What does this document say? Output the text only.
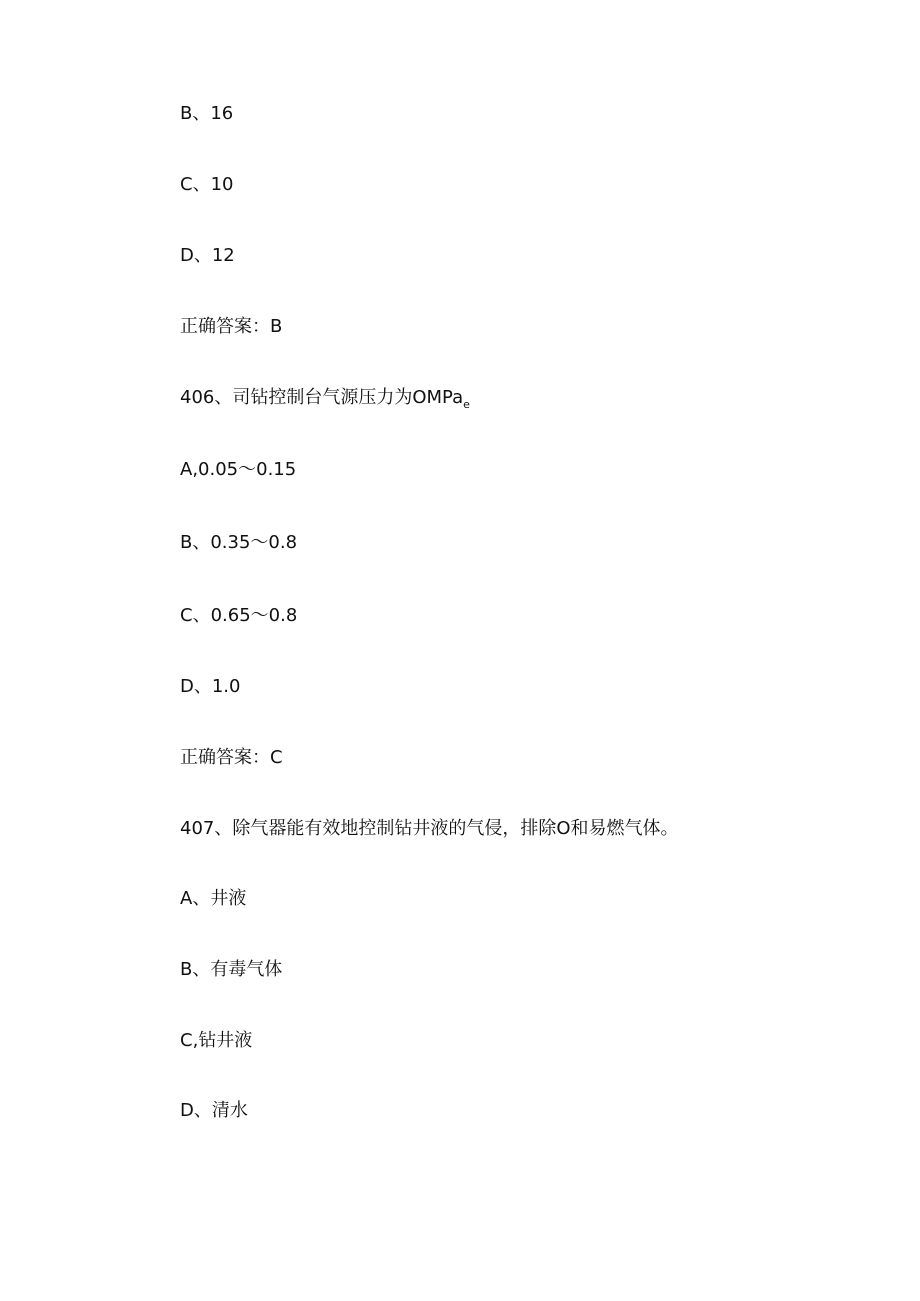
B、16
C、10
D、12
正确答案：B
406、司钻控制台气源压力为OMPa$_e$
A,0.05〜0.15
B、0.35〜0.8
C、0.65〜0.8
D、1.0
正确答案：C
407、除气器能有效地控制钻井液的气侵，排除O和易燃气体。
A、井液
B、有毒气体
C,钻井液
D、清水
